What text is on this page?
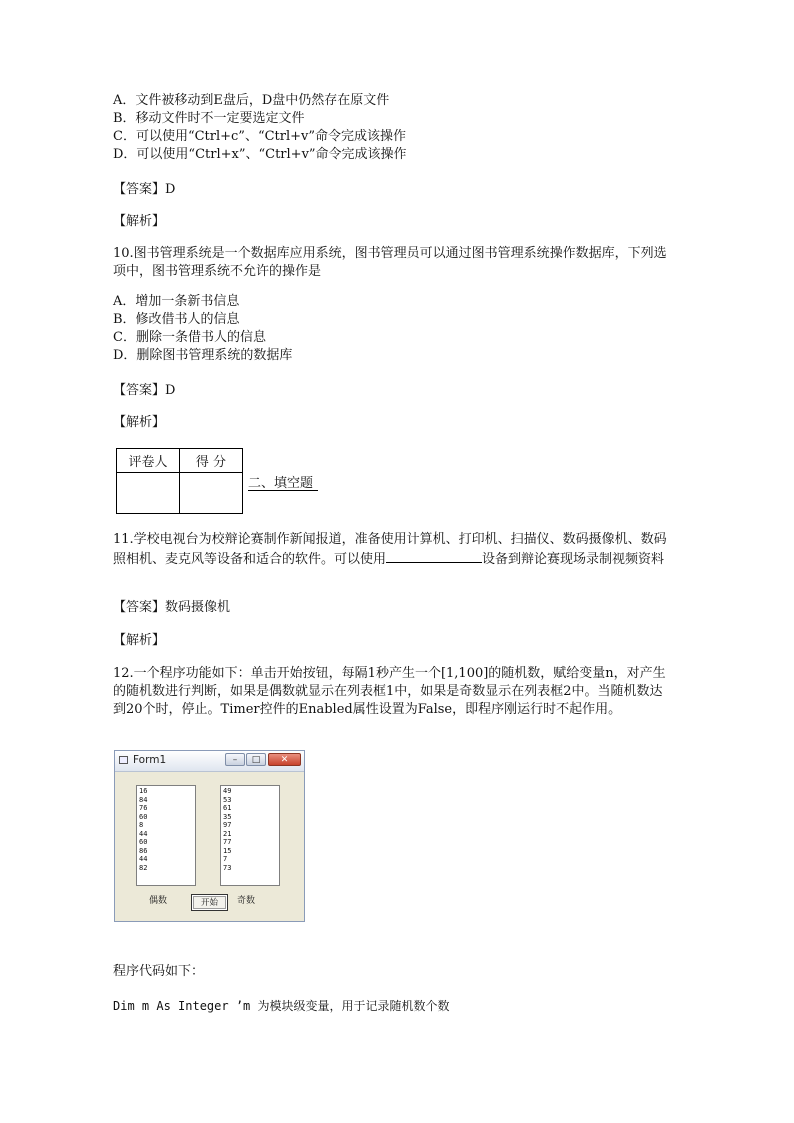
A．文件被移动到E盘后，D盘中仍然存在原文件
B．移动文件时不一定要选定文件
C．可以使用“Ctrl+c”、“Ctrl+v”命令完成该操作
D．可以使用“Ctrl+x”、“Ctrl+v”命令完成该操作
【答案】D
【解析】
10.图书管理系统是一个数据库应用系统，图书管理员可以通过图书管理系统操作数据库，下列选项中，图书管理系统不允许的操作是
A．增加一条新书信息
B．修改借书人的信息
C．删除一条借书人的信息
D．删除图书管理系统的数据库
【答案】D
【解析】
评卷人	得 分

二、填空题
11.学校电视台为校辩论赛制作新闻报道，准备使用计算机、打印机、扫描仪、数码摄像机、数码照相机、麦克风等设备和适合的软件。可以使用	设备到辩论赛现场录制视频资料
【答案】数码摄像机
【解析】
12.一个程序功能如下：单击开始按钮，每隔1秒产生一个[1,100]的随机数，赋给变量n，对产生的随机数进行判断，如果是偶数就显示在列表框1中，如果是奇数显示在列表框2中。当随机数达到20个时，停止。Timer控件的Enabled属性设置为False，即程序刚运行时不起作用。
Form1	–	□	✕
16
84
76
60
8
44
60
86
44
82
49
53
61
35
97
21
77
15
7
73
偶数	开始	奇数
程序代码如下：
Dim m As Integer ’m 为模块级变量，用于记录随机数个数
